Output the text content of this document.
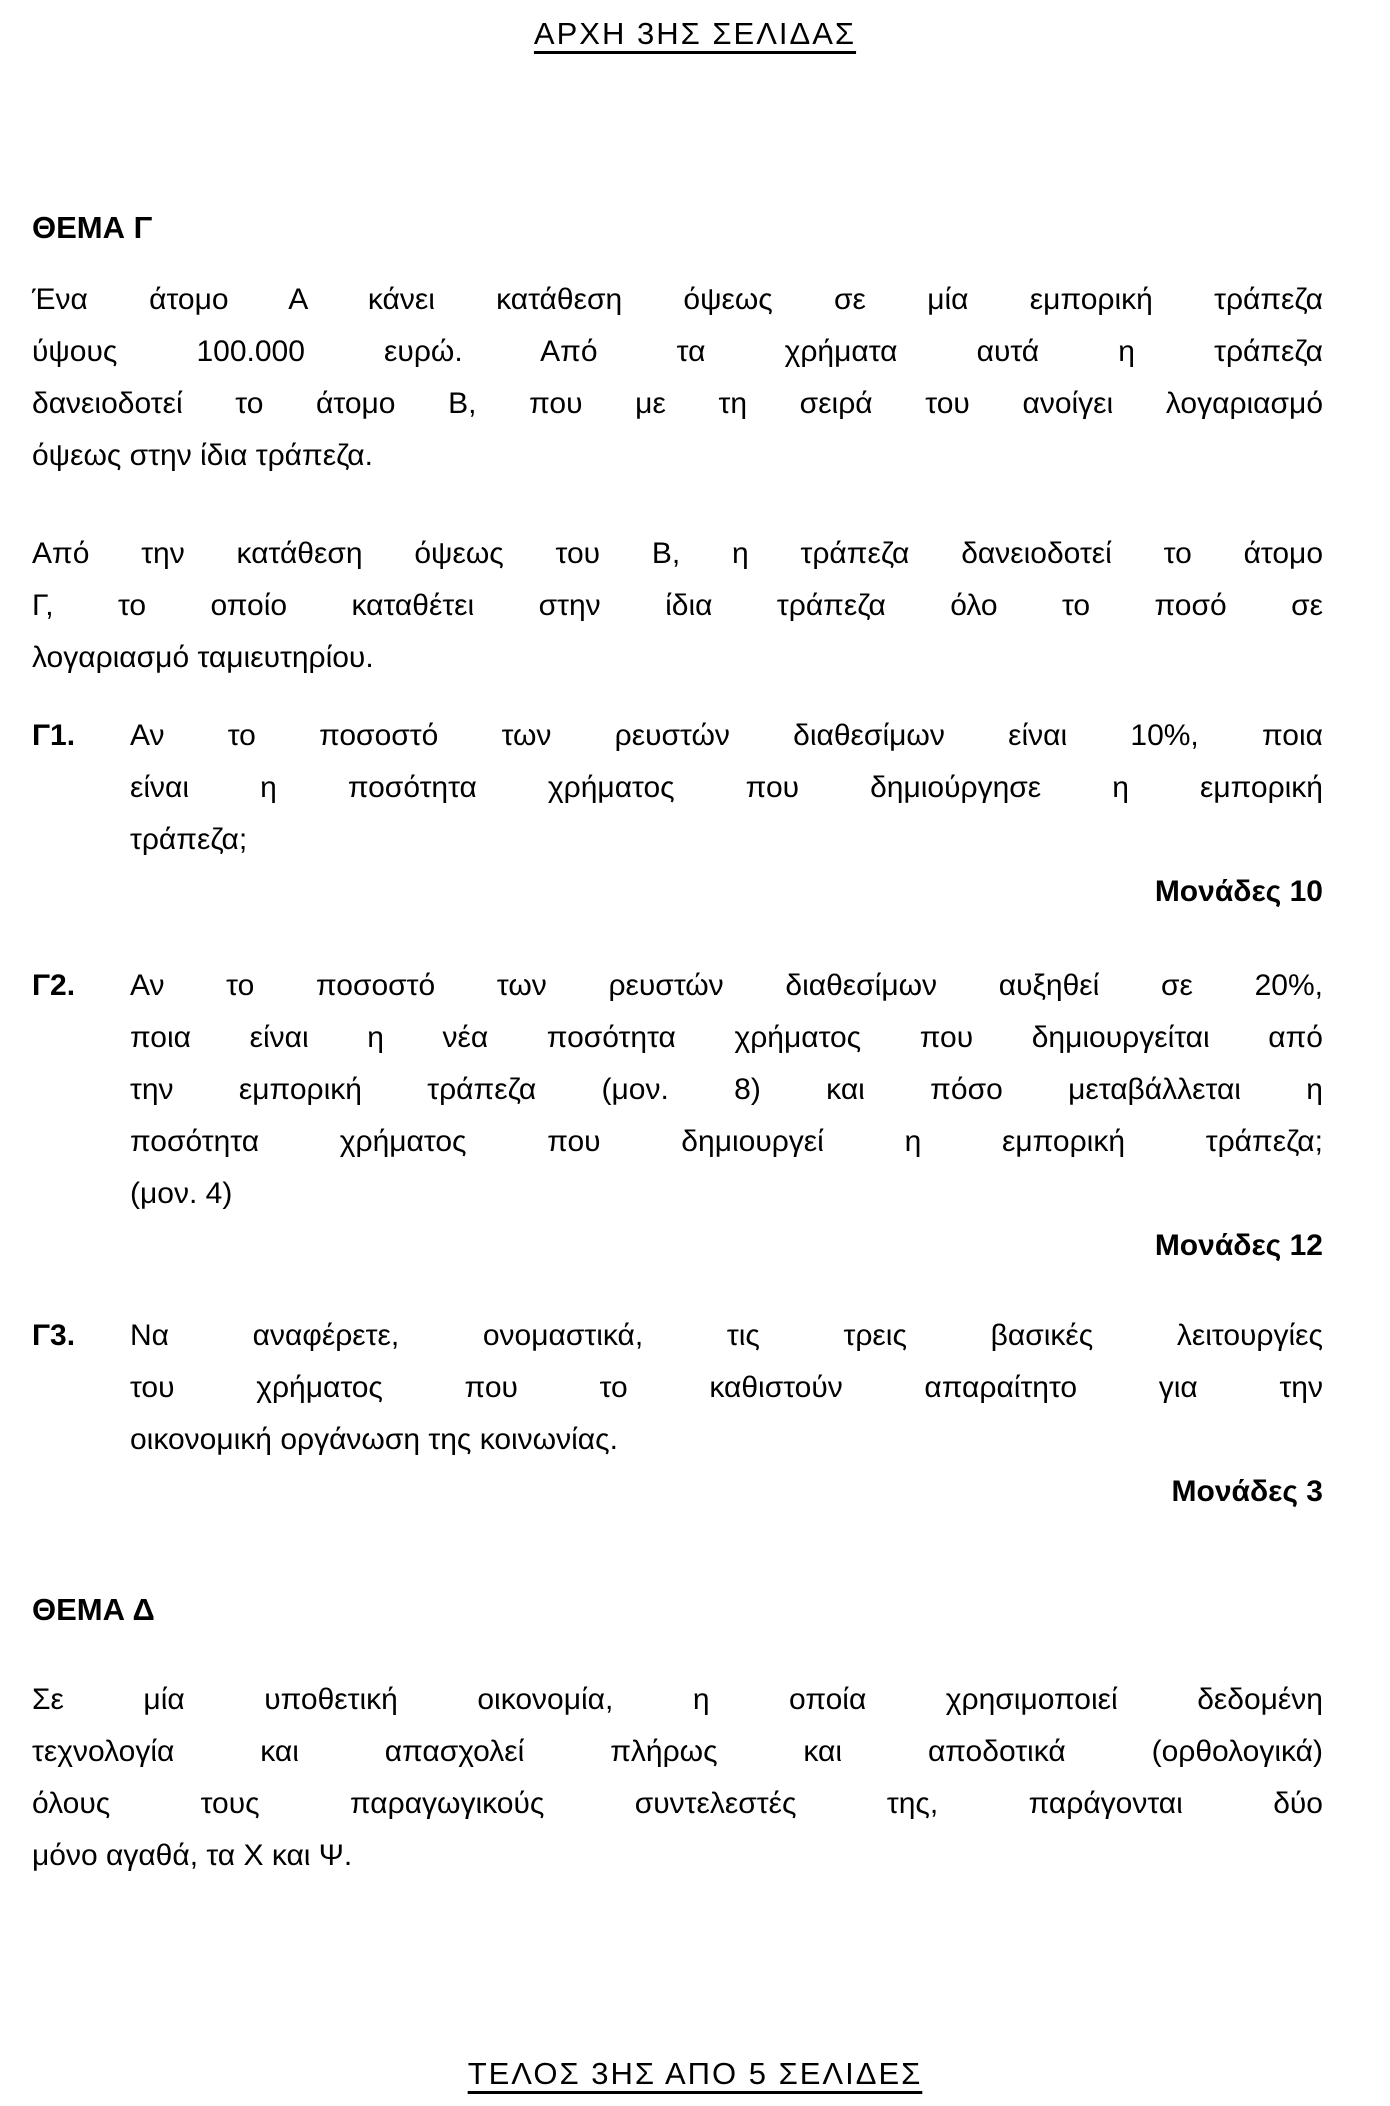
ΑΡΧΗ 3ΗΣ ΣΕΛΙΔΑΣ
ΘΕΜΑ Γ
Ένα άτομο Α κάνει κατάθεση όψεως σε μία εμπορική τράπεζα
ύψους 100.000 ευρώ. Από τα χρήματα αυτά η τράπεζα
δανειοδοτεί το άτομο Β, που με τη σειρά του ανοίγει λογαριασμό
όψεως στην ίδια τράπεζα.
Από την κατάθεση όψεως του Β, η τράπεζα δανειοδοτεί το άτομο
Γ, το οποίο καταθέτει στην ίδια τράπεζα όλο το ποσό σε
λογαριασμό ταμιευτηρίου.
Γ1.	Αν το ποσοστό των ρευστών διαθεσίμων είναι 10%, ποια
είναι η ποσότητα χρήματος που δημιούργησε η εμπορική
τράπεζα;
Μονάδες 10
Γ2.	Αν το ποσοστό των ρευστών διαθεσίμων αυξηθεί σε 20%,
ποια είναι η νέα ποσότητα χρήματος που δημιουργείται από
την εμπορική τράπεζα (μον. 8) και πόσο μεταβάλλεται η
ποσότητα χρήματος που δημιουργεί η εμπορική τράπεζα;
(μον. 4)
Μονάδες 12
Γ3.	Να αναφέρετε, ονομαστικά, τις τρεις βασικές λειτουργίες
του χρήματος που το καθιστούν απαραίτητο για την
οικονομική οργάνωση της κοινωνίας.
Μονάδες 3
ΘΕΜΑ Δ
Σε μία υποθετική οικονομία, η οποία χρησιμοποιεί δεδομένη
τεχνολογία και απασχολεί πλήρως και αποδοτικά (ορθολογικά)
όλους τους παραγωγικούς συντελεστές της, παράγονται δύο
μόνο αγαθά, τα Χ και Ψ.
ΤΕΛΟΣ 3ΗΣ ΑΠΟ 5 ΣΕΛΙΔΕΣ
